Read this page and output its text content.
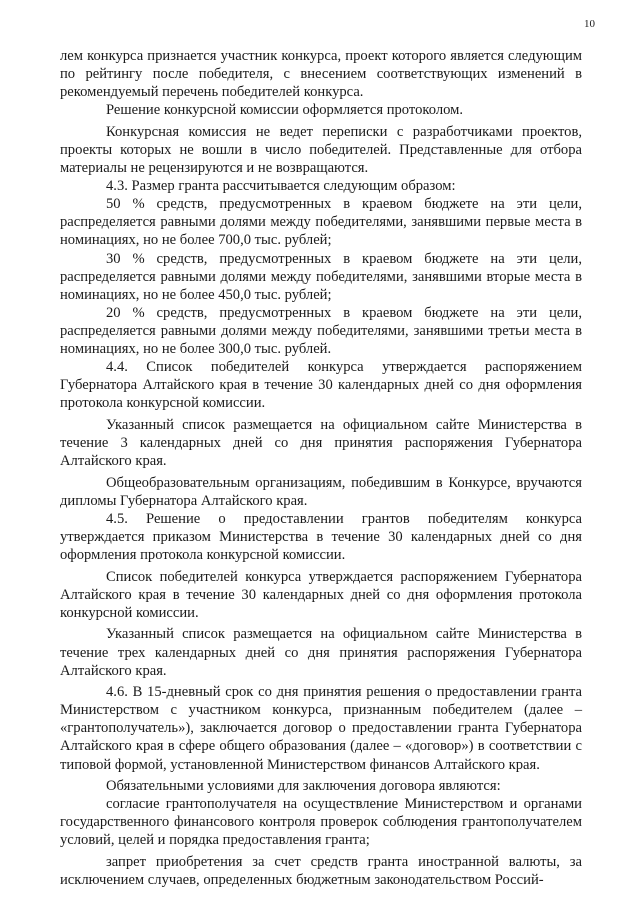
10

лем конкурса признается участник конкурса, проект которого является следующим по рейтингу после победителя, с внесением соответствующих изменений в рекомендуемый перечень победителей конкурса.

Решение конкурсной комиссии оформляется протоколом.

Конкурсная комиссия не ведет переписки с разработчиками проектов, проекты которых не вошли в число победителей. Представленные для отбора материалы не рецензируются и не возвращаются.

4.3. Размер гранта рассчитывается следующим образом:

50 % средств, предусмотренных в краевом бюджете на эти цели, распределяется равными долями между победителями, занявшими первые места в номинациях, но не более 700,0 тыс. рублей;

30 % средств, предусмотренных в краевом бюджете на эти цели, распределяется равными долями между победителями, занявшими вторые места в номинациях, но не более 450,0 тыс. рублей;

20 % средств, предусмотренных в краевом бюджете на эти цели, распределяется равными долями между победителями, занявшими третьи места в номинациях, но не более 300,0 тыс. рублей.

4.4. Список победителей конкурса утверждается распоряжением Губернатора Алтайского края в течение 30 календарных дней со дня оформления протокола конкурсной комиссии.

Указанный список размещается на официальном сайте Министерства в течение 3 календарных дней со дня принятия распоряжения Губернатора Алтайского края.

Общеобразовательным организациям, победившим в Конкурсе, вручаются дипломы Губернатора Алтайского края.

4.5. Решение о предоставлении грантов победителям конкурса утверждается приказом Министерства в течение 30 календарных дней со дня оформления протокола конкурсной комиссии.

Список победителей конкурса утверждается распоряжением Губернатора Алтайского края в течение 30 календарных дней со дня оформления протокола конкурсной комиссии.

Указанный список размещается на официальном сайте Министерства в течение трех календарных дней со дня принятия распоряжения Губернатора Алтайского края.

4.6. В 15-дневный срок со дня принятия решения о предоставлении гранта Министерством с участником конкурса, признанным победителем (далее – «грантополучатель»), заключается договор о предоставлении гранта Губернатора Алтайского края в сфере общего образования (далее – «договор») в соответствии с типовой формой, установленной Министерством финансов Алтайского края.

Обязательными условиями для заключения договора являются:

согласие грантополучателя на осуществление Министерством и органами государственного финансового контроля проверок соблюдения грантополучателем условий, целей и порядка предоставления гранта;

запрет приобретения за счет средств гранта иностранной валюты, за исключением случаев, определенных бюджетным законодательством Россий-
